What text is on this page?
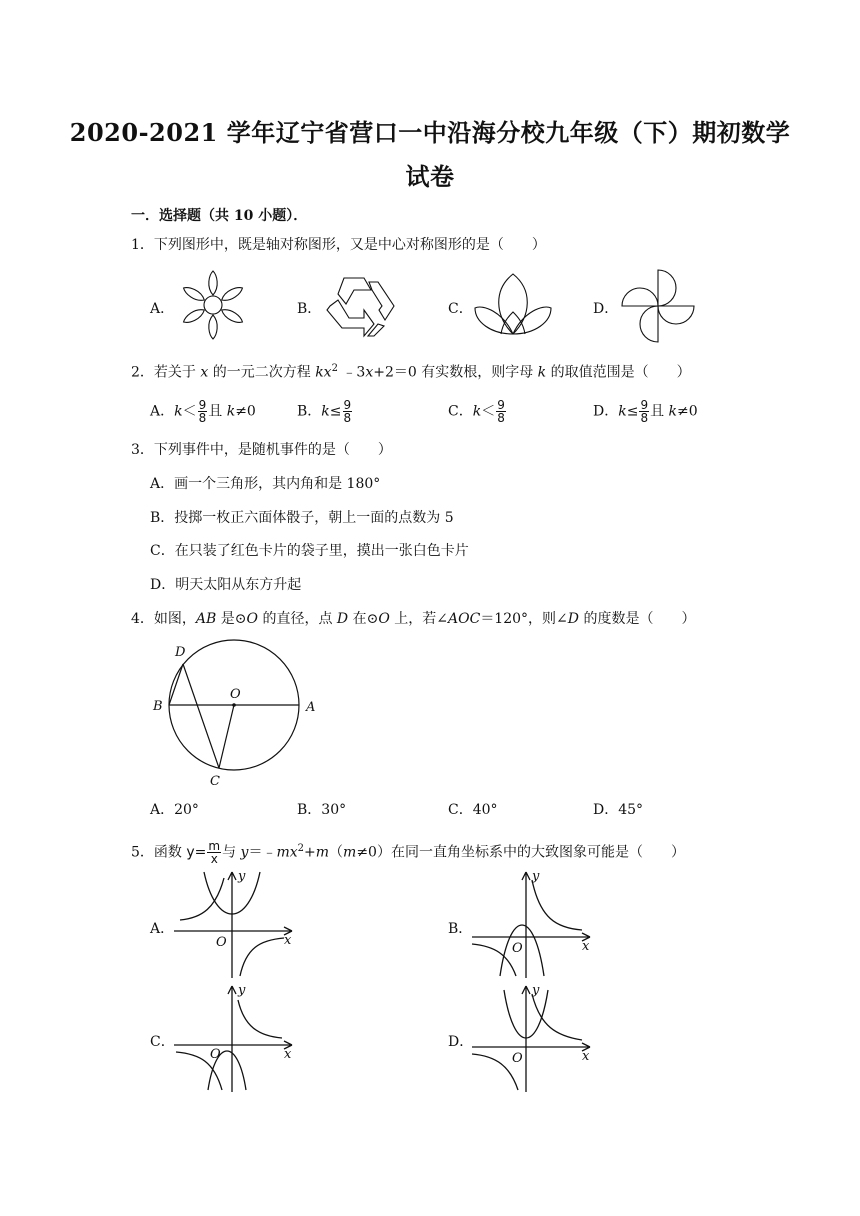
2020-2021 学年辽宁省营口一中沿海分校九年级（下）期初数学
试卷
一．选择题（共 10 小题）．
1．下列图形中，既是轴对称图形，又是中心对称图形的是（　　）
A．	B．	C．	D．
2．若关于 x 的一元二次方程 $kx^2$ ﹣3x+2＝0 有实数根，则字母 k 的取值范围是（　　）
A．$k< \frac{9}{8}$ 且 k≠0	B．$k\le \frac{9}{8}$	C．$k< \frac{9}{8}$	D．$k\le \frac{9}{8}$ 且 k≠0
3．下列事件中，是随机事件的是（　　）
A．画一个三角形，其内角和是 180°
B．投掷一枚正六面体骰子，朝上一面的点数为 5
C．在只装了红色卡片的袋子里，摸出一张白色卡片
D．明天太阳从东方升起
4．如图，AB 是⊙O 的直径，点 D 在⊙O 上，若∠AOC＝120°，则∠D 的度数是（　　）
D
B
O
A
C
A．20°	B．30°	C．40°	D．45°
5．函数 $y= \frac{m}{x}$ 与 $y=﹣mx^2+m(m\ne 0)$在同一直角坐标系中的大致图象可能是（　　）
A．	B．
C．	D．
y
x
O
y
x
O
y
x
O
y
x
O
